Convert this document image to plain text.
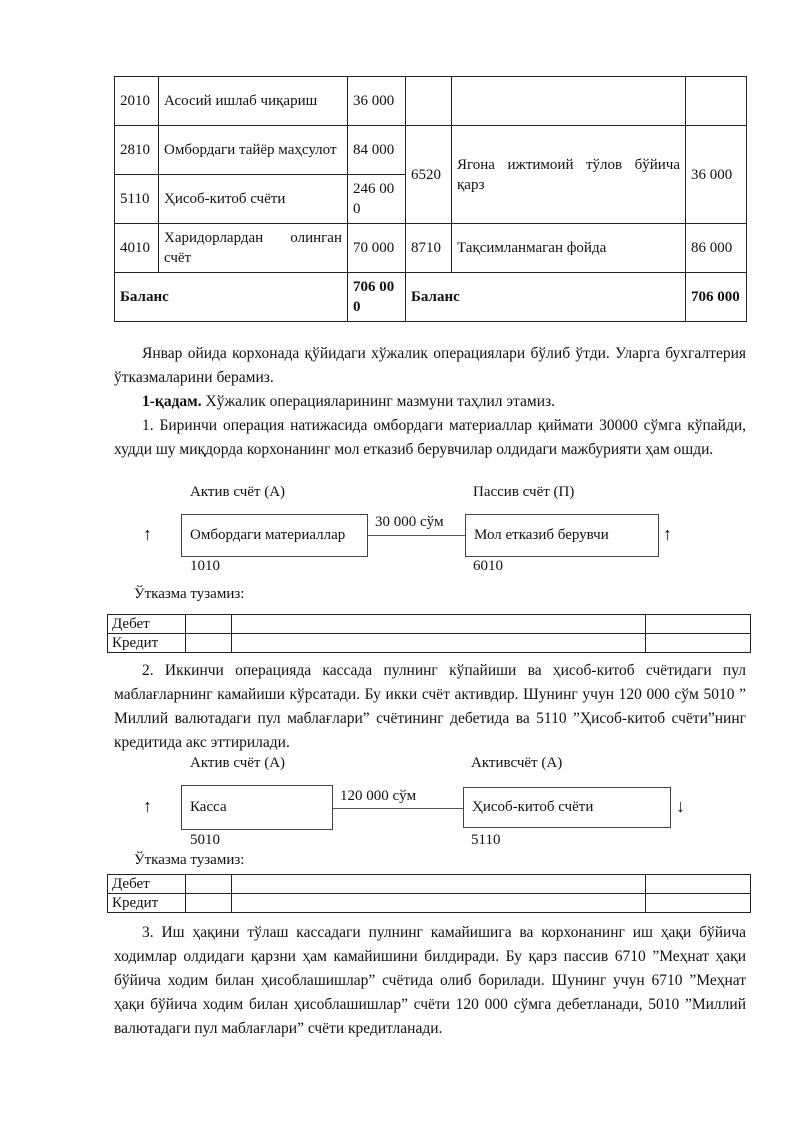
2010	Асосий ишлаб чиқариш	36 000			
2810	Омбордаги тайёр маҳсулот	84 000	6520	Ягона ижтимоий тўлов бўйича қарз	36 000
5110	Ҳисоб-китоб счёти	246 000			
4010	Харидорлардан олинган счёт	70 000	8710	Тақсимланмаган фойда	86 000
Баланс		706 000	Баланс		706 000

Январ ойида корхонада қўйидаги хўжалик операциялари бўлиб ўтди. Уларга бухгалтерия ўтказмаларини берамиз.

1-қадам. Хўжалик операцияларининг мазмуни таҳлил этамиз.

1. Биринчи операция натижасида омбордаги материаллар қиймати 30000 сўмга кўпайди, худди шу миқдорда корхонанинг мол етказиб берувчилар олдидаги мажбурияти ҳам ошди.

Актив счёт (А)	Пассив счёт (П)
↑	Омбордаги материаллар
30 000 сўм
Мол етказиб берувчи	↑
1010	6010
Ўтказма тузамиз:
Дебет			
Кредит			

2. Иккинчи операцияда кассада пулнинг кўпайиши ва ҳисоб-китоб счётидаги пул маблағларнинг камайиши кўрсатади. Бу икки счёт активдир. Шунинг учун 120 000 сўм 5010 ” Миллий валютадаги пул маблағлари” счётининг дебетида ва 5110 ”Ҳисоб-китоб счёти”нинг кредитида акс эттирилади.

Актив счёт (А)	Активсчёт (А)
↑	Касса
120 000 сўм
Ҳисоб-китоб счёти	↓
5010	5110
Ўтказма тузамиз:
Дебет			
Кредит			

3. Иш ҳақини тўлаш кассадаги пулнинг камайишига ва корхонанинг иш ҳақи бўйича ходимлар олдидаги қарзни ҳам камайишини билдиради. Бу қарз пассив 6710 ”Меҳнат ҳақи бўйича ходим билан ҳисоблашишлар” счётида олиб борилади. Шунинг учун 6710 ”Меҳнат ҳақи бўйича ходим билан ҳисоблашишлар” счёти 120 000 сўмга дебетланади, 5010 ”Миллий валютадаги пул маблағлари” счёти кредитланади.
